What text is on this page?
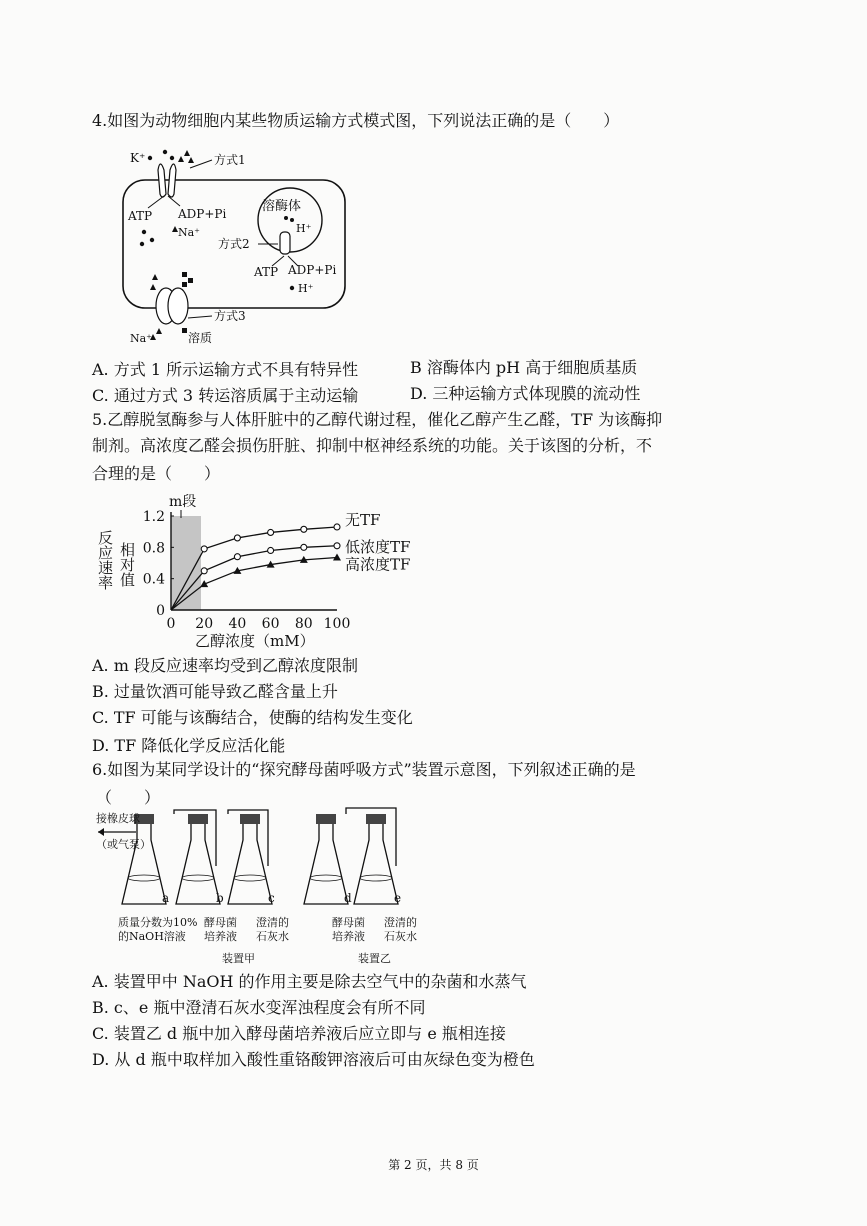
4.如图为动物细胞内某些物质运输方式模式图，下列说法正确的是（　　）
K⁺	方式1
ATP ADP+Pi
Na⁺
溶酶体
H⁺
方式2
ATP ADP+Pi
H⁺
Na⁺
方式3
溶质
A. 方式 1 所示运输方式不具有特异性	B 溶酶体内 pH 高于细胞质基质
C. 通过方式 3 转运溶质属于主动运输	D. 三种运输方式体现膜的流动性
5.乙醇脱氢酶参与人体肝脏中的乙醇代谢过程，催化乙醇产生乙醛，TF 为该酶抑
制剂。高浓度乙醛会损伤肝脏、抑制中枢神经系统的功能。关于该图的分析，不
合理的是（　　）
m段
反应速率 相对值
乙醇浓度（mM）
0
0.4
0.8
1.2
0 20 40 60 80 100
无TF
低浓度TF
高浓度TF
A. m 段反应速率均受到乙醇浓度限制
B. 过量饮酒可能导致乙醛含量上升
C. TF 可能与该酶结合，使酶的结构发生变化
D. TF 降低化学反应活化能
6.如图为某同学设计的“探究酵母菌呼吸方式”装置示意图，下列叙述正确的是
（　　）
接橡皮球
（或气泵）
a	b	c	d	e
质量分数为10%
的NaOH溶液
酵母菌
培养液
澄清的
石灰水
酵母菌
培养液
澄清的
石灰水
装置甲	装置乙
A. 装置甲中 NaOH 的作用主要是除去空气中的杂菌和水蒸气
B. c、e 瓶中澄清石灰水变浑浊程度会有所不同
C. 装置乙 d 瓶中加入酵母菌培养液后应立即与 e 瓶相连接
D. 从 d 瓶中取样加入酸性重铬酸钾溶液后可由灰绿色变为橙色
第 2 页，共 8 页
